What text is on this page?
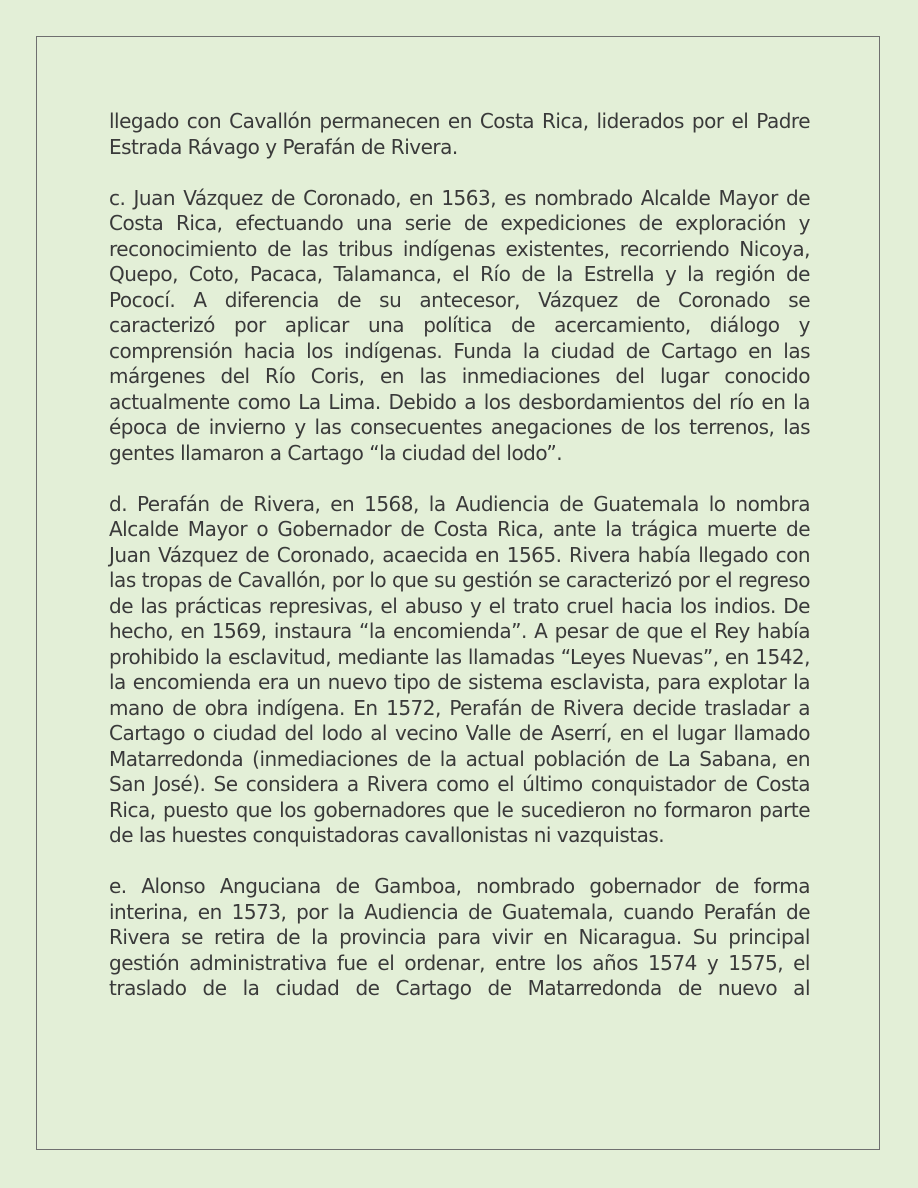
llegado con Cavallón permanecen en Costa Rica, liderados por el Padre Estrada Rávago y Perafán de Rivera.

c. Juan Vázquez de Coronado, en 1563, es nombrado Alcalde Mayor de Costa Rica, efectuando una serie de expediciones de exploración y reconocimiento de las tribus indígenas existentes, recorriendo Nicoya, Quepo, Coto, Pacaca, Talamanca, el Río de la Estrella y la región de Pococí. A diferencia de su antecesor, Vázquez de Coronado se caracterizó por aplicar una política de acercamiento, diálogo y comprensión hacia los indígenas. Funda la ciudad de Cartago en las márgenes del Río Coris, en las inmediaciones del lugar conocido actualmente como La Lima. Debido a los desbordamientos del río en la época de invierno y las consecuentes anegaciones de los terrenos, las gentes llamaron a Cartago “la ciudad del lodo”.

d. Perafán de Rivera, en 1568, la Audiencia de Guatemala lo nombra Alcalde Mayor o Gobernador de Costa Rica, ante la trágica muerte de Juan Vázquez de Coronado, acaecida en 1565. Rivera había llegado con las tropas de Cavallón, por lo que su gestión se caracterizó por el regreso de las prácticas represivas, el abuso y el trato cruel hacia los indios. De hecho, en 1569, instaura “la encomienda”. A pesar de que el Rey había prohibido la esclavitud, mediante las llamadas “Leyes Nuevas”, en 1542, la encomienda era un nuevo tipo de sistema esclavista, para explotar la mano de obra indígena. En 1572, Perafán de Rivera decide trasladar a Cartago o ciudad del lodo al vecino Valle de Aserrí, en el lugar llamado Matarredonda (inmediaciones de la actual población de La Sabana, en San José). Se considera a Rivera como el último conquistador de Costa Rica, puesto que los gobernadores que le sucedieron no formaron parte de las huestes conquistadoras cavallonistas ni vazquistas.

e. Alonso Anguciana de Gamboa, nombrado gobernador de forma interina, en 1573, por la Audiencia de Guatemala, cuando Perafán de Rivera se retira de la provincia para vivir en Nicaragua. Su principal gestión administrativa fue el ordenar, entre los años 1574 y 1575, el traslado de la ciudad de Cartago de Matarredonda de nuevo al
